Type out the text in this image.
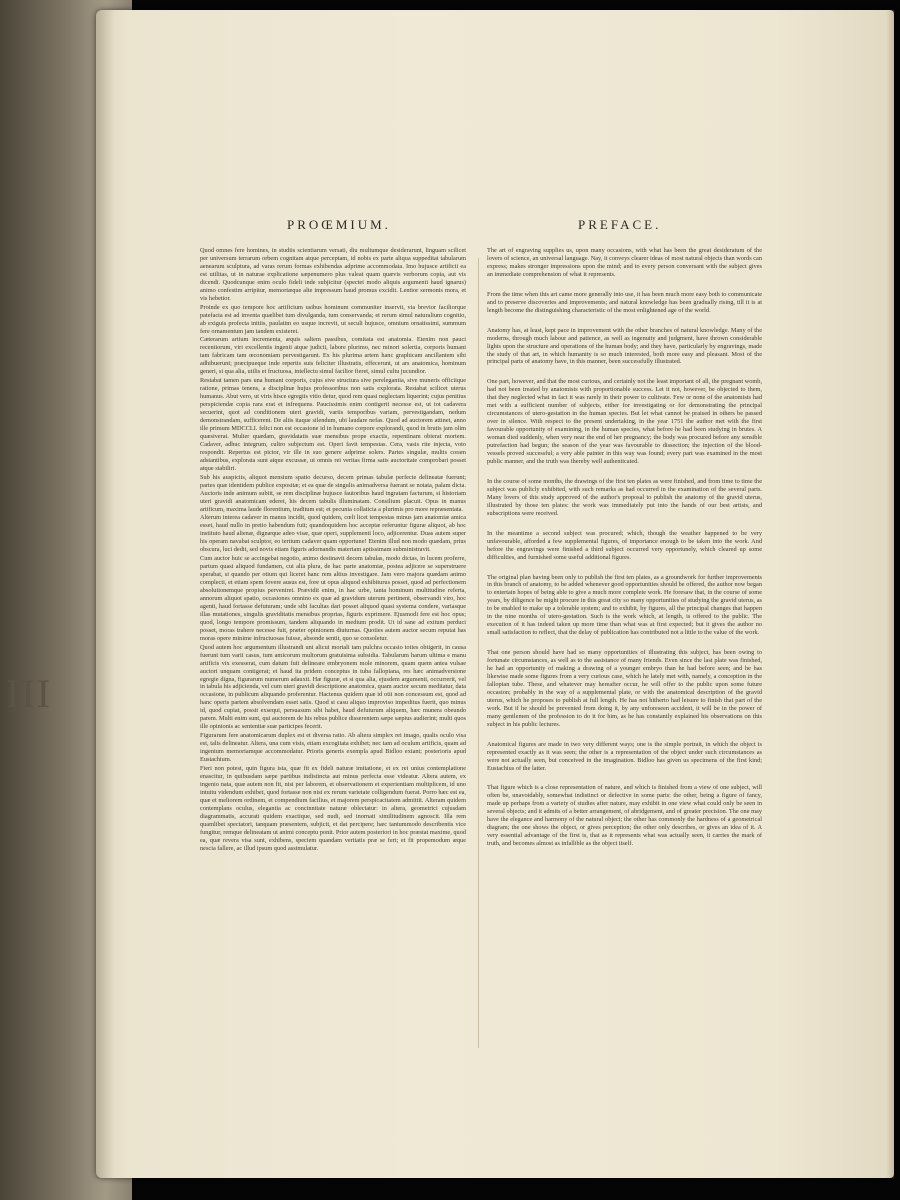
III
PROŒMIUM.	PREFACE.

Quod omnes fere homines, in studiis scientiarum versati, diu multumque desiderarunt, linguam scilicet per universum terrarum orbem cognitam atque perceptam, id nobis ex parte aliqua suppeditat tabularum aenearum sculptura, ad varas rerum formas exhibendas adprime accommodata. Imo hujusce artificii ea est utilitas, ut in naturae explicatione sæpenumero plus valeat quam quævis verborum copia, aut vis dicendi. Quodcunque enim oculo fideli inde subjicitur (spectet modo aliquis argumenti haud ignarus) animo confestim arripitur, memoriæque alte impressum haud promus excidit. Lentior sermonis mora, et vis hebetior.

Proinde ex quo tempore hoc artificium usibus hominum communiter inservit, via brevior faciliorque patefacta est ad inventa quælibet tum divulganda, tum conservanda; et rerum simul naturalium cognitio, ab exiguis profecta initiis, paulatim eo usque increvit, ut seculi hujusce, omnium ornatissimi, summum fere ornamentum jam tandem existeret.

Cæterarum artium incrementa, æquis saltem passibus, comitata est anatomia. Etenim non pauci recentiorum, viri excellentis ingenii atque judicii, labore plurimo, nec minori solertia, corporis humani tam fabricam tam œconomiam pervestigarunt. Ex his plurima artem hanc graphicam ancillantem sibi adhibuerunt; præcipueque inde repertis suis feliciter illustratis, effecerunt, ut ars anatomica, hominum generi, si qua alia, utilis et fructuosa, intellectu simul facilior fieret, simul cultu jucundior.

Restabat tamen pars una humani corporis, cujus sive structura sive perelegantia, sive muneris officiique ratione, primas tenens, a disciplinæ hujus professoribus non satis explorata. Restabat scilicet uterus humanus. Abut vero, ut viris hisce egregiis vitio detur, quod rem quasi neglectam liquerint; cujus penitius perspiciendæ copia rara erat et infrequens. Paucissimis enim contigerit necesse est, ut tot cadavera secuerint, quot ad conditionem uteri gravidi, variis temporibus variam, pervestigandam, nedum demonstrandam, sufficerent. De aliis itaque silendum, ubi laudare nefas. Quod ad auctorem attinet, anno ille primum MDCCLI. felici non est occasione id in humano corpore explorandi, quod in brutis jam olim quæsiverat. Mulier quædam, gravidatatis suæ mensibus prope exactis, repentinam obierat mortem. Cadaver, adhuc integrum, cultro subjectum est. Operi favit tempestas. Cera, vasis rite injecta, voto respondit. Repertus est pictor, vir ille in suo genere adprime solers. Partes singulæ, multis coram adstantibus, explorata sunt atque excussæ, ut omnis rei veritas firma satis auctoritate comprobari posset atque stabiliri.

Sub his auspiciis, aliquot mensium spatio decurso, decem primas tabulæ perfecte delineatæ fuerunt; partes quæ identidem publice expositæ; et ea quæ de singulis animadversa fuerant se notata, palam dicta. Auctoris inde animum subiit, se rem disciplinæ hujusce fautoribus haud ingratam facturum, si historiam uteri gravidi anatomicam ederet, his decem tabulis illuminatam. Consilium placuit. Opus in manus artificum, maxima laude florentium, traditum est; et pecunia collaticia a plurimis pro more repræsentata.

Alterum interea cadaver in manus incidit, quod quidem, cœli licet tempestas minus jam anatomiæ amica esset, haud nullo in pretio habendum fuit; quandoquidem hoc acceptæ referuntur figuræ aliquot, ab hoc instituto haud alienæ, dignæque adeo visæ, quæ operi, supplementi loco, adjicerentur. Duas autem super his operam navabat sculptor, eo tertium cadaver quam opportune! Etenim illud non modo quædam, prius obscura, luci dedit, sed novis etiam figuris adornandis materiam aptissimam subministravit.

Cum auctor huic se accingebat negotio, animo destinavit decem tabulas, modo dictas, in lucem proferre, partum quasi aliquod fundamen, cui alia plura, de hac parte anatomiæ, postea adjicere se superstruere sperabat, si quando per otium qui liceret hanc rem altius investigare. Jam vero majora quædam animo complecti, et etiam spem fovere ausus est, fore ut opus aliquod exhibiturus posset, quod ad perfectionem absolutionemque propius perveniret. Prævidit enim, in hac urbe, tanta hominum multitudine referta, annorum aliquot spatio, occasiones omnino ex quæ ad gravidum uterum pertinent, observandi viro, hoc agenti, haud fortasse defuturam; unde sibi facultas dari posset aliquod quasi systema condere, variasque illas mutationes, singulis graviditatis mensibus proprias, figuris exprimere. Ejusmodi fere est hoc opus; quod, longo tempore promissum, tandem aliquando in medium prodit. Ut id sane ad exitum perduci posset, moras trahere necesse fuit, præter opinionem diuturnas. Quoties autem auctor secum reputat has moras opere minime infructuosas fuisse, absonde sentit, quo se consoletur.

Quod autem hoc argumentum illustrandi uni alicui mortali tam pulchra occasio toties obtigerit, in causa fuerunt tum varii casus, tum amicorum multorum gratuisima subsidia. Tabularum harum ultima e manu artificis vix exesserat, cum datum fuit delineare embryonem mole minorem, quam quem antea vulsae auctori unquam contigerat; et haud ita pridem conceptus in tuba fallopiana, res hæc animadversione egregie digna, figurarum numerum adauxit. Hæ figuræ, et si qua alia, ejusdem argumenti, occurrerit, vel in tabula his adjicienda, vel cum uteri gravidi descriptione anatomica, quam auctor secum meditatur, data occasione, in publicum aliquando proferentur. Hactenus quidem quæ id otii non concessum est, quod ad hanc operis partem absolvendam esset satis. Quod si casu aliquo improviso impeditus fuerit, quo minus id, quod cupiat, possit exsequi, persuasum sibi habet, haud defuturum aliquem, hæc munera obeundo parem. Multi enim sunt, qui auctorem de his rebus publice disserentem sæpe sæpius audierint; multi quos ille opinionis ac sententiæ suæ participes fecerit.

Figurarum fere anatomicarum duplex est et diversa ratio. Ab altera simplex rei imago, qualis oculo visa est, talis delineatur. Altera, una cum visis, etiam excogitata exhibet; nec tam ad oculum artificis, quam ad ingenium memoriamque accommodatur. Prioris generis exempla apud Bidloo extant; posterioris apud Eustachium.

Fieri non potest, quin figura ista, quæ fit ex fideli naturæ imitatione, et ex rei unius contemplatione enascitur, in quibusdam sæpe partibus indistincta aut minus perfecta esse videatur. Altera autem, ex ingenio nata, quæ autem non fit, nisi per laborem, et observationem et experientiam multiplicem, id uno intuitu videndum exhibet, quod fortasse non nisi ex rerum varietate colligendum fuerat. Porro hæc est ea, quæ et meliorem ordinem, et compendium facilius, et majorem perspicacitatem admittit. Alteram quidem contemplans oculus, elegantia ac concinnitate naturæ oblectatur: in altera, geometrici cujusdam diagrammatis, accurati quidem exactique, sed nudi, sed inornati similitudinem agnoscit. Illa rem quamlibet spectatori, tanquam præsentem, subjicit, et dat percipere; hæc tantummodo describentis vice fungitur, remque delineatam ut animi conceptu ponit. Prior autem posteriori in hoc præstat maxime, quod ea, quæ revera visa sunt, exhibens, speciem quandam veritatis præ se fert; et fit propemodum æque nescia fallere, ac illud ipsum quod assimulatur.

The art of engraving supplies us, upon many occasions, with what has been the great desideratum of the lovers of science, an universal language. Nay, it conveys clearer ideas of most natural objects than words can express; makes stronger impressions upon the mind; and to every person conversant with the subject gives an immediate comprehension of what it represents.

From the time when this art came more generally into use, it has been much more easy both to communicate and to preserve discoveries and improvements; and natural knowledge has been gradually rising, till it is at length become the distinguishing characteristic of the most enlightened age of the world.

Anatomy has, at least, kept pace in improvement with the other branches of natural knowledge. Many of the moderns, through much labour and patience, as well as ingenuity and judgment, have thrown considerable lights upon the structure and operations of the human body; and they have, particularly by engravings, made the study of that art, in which humanity is so much interested, both more easy and pleasant. Most of the principal parts of anatomy have, in this manner, been successfully illustrated.

One part, however, and that the most curious, and certainly not the least important of all, the pregnant womb, had not been treated by anatomists with proportionable success. Let it not, however, be objected to them, that they neglected what in fact it was rarely in their power to cultivate. Few or none of the anatomists had met with a sufficient number of subjects, either for investigating or for demonstrating the principal circumstances of utero-gestation in the human species. But let what cannot be praised in others be passed over in silence. With respect to the present undertaking, in the year 1751 the author met with the first favourable opportunity of examining, in the human species, what before he had been studying in brutes. A woman died suddenly, when very near the end of her pregnancy; the body was procured before any sensible putrefaction had begun; the season of the year was favourable to dissection; the injection of the blood-vessels proved successful; a very able painter in this way was found; every part was examined in the most public manner, and the truth was thereby well authenticated.

In the course of some months, the drawings of the first ten plates as were finished, and from time to time the subject was publicly exhibited, with such remarks as had occurred in the examination of the several parts. Many lovers of this study approved of the author's proposal to publish the anatomy of the gravid uterus, illustrated by those ten plates: the work was immediately put into the hands of our best artists, and subscriptions were received.

In the meantime a second subject was procured; which, though the weather happened to be very unfavourable, afforded a few supplemental figures, of importance enough to be taken into the work. And before the engravings were finished a third subject occurred very opportunely, which cleared up some difficulties, and furnished some useful additional figures.

The original plan having been only to publish the first ten plates, as a groundwork for further improvements in this branch of anatomy, to be added whenever good opportunities should be offered, the author now began to entertain hopes of being able to give a much more complete work. He foresaw that, in the course of some years, by diligence he might procure in this great city so many opportunities of studying the gravid uterus, as to be enabled to make up a tolerable system; and to exhibit, by figures, all the principal changes that happen in the nine months of utero-gestation. Such is the work which, at length, is offered to the public. The execution of it has indeed taken up more time than what was at first expected; but it gives the author no small satisfaction to reflect, that the delay of publication has contributed not a little to the value of the work.

That one person should have had so many opportunities of illustrating this subject, has been owing to fortunate circumstances, as well as to the assistance of many friends. Even since the last plate was finished, he had an opportunity of making a drawing of a younger embryo than he had before seen; and he has likewise made some figures from a very curious case, which he lately met with, namely, a conception in the fallopian tube. These, and whatever may hereafter occur, he will offer to the public upon some future occasion; probably in the way of a supplemental plate, or with the anatomical description of the gravid uterus, which he proposes to publish at full length. He has not hitherto had leisure to finish that part of the work. But if he should be prevented from doing it, by any unforeseen accident, it will be in the power of many gentlemen of the profession to do it for him, as he has constantly explained his observations on this subject in his public lectures.

Anatomical figures are made in two very different ways; one is the simple portrait, in which the object is represented exactly as it was seen; the other is a representation of the object under such circumstances as were not actually seen, but conceived in the imagination. Bidloo has given us specimens of the first kind; Eustachius of the latter.

That figure which is a close representation of nature, and which is finished from a view of one subject, will often be, unavoidably, somewhat indistinct or defective in some parts: the other, being a figure of fancy, made up perhaps from a variety of studies after nature, may exhibit in one view what could only be seen in several objects; and it admits of a better arrangement, of abridgement, and of greater precision. The one may have the elegance and harmony of the natural object; the other has commonly the hardness of a geometrical diagram; the one shows the object, or gives perception; the other only describes, or gives an idea of it. A very essential advantage of the first is, that as it represents what was actually seen, it carries the mark of truth, and becomes almost as infallible as the object itself.
